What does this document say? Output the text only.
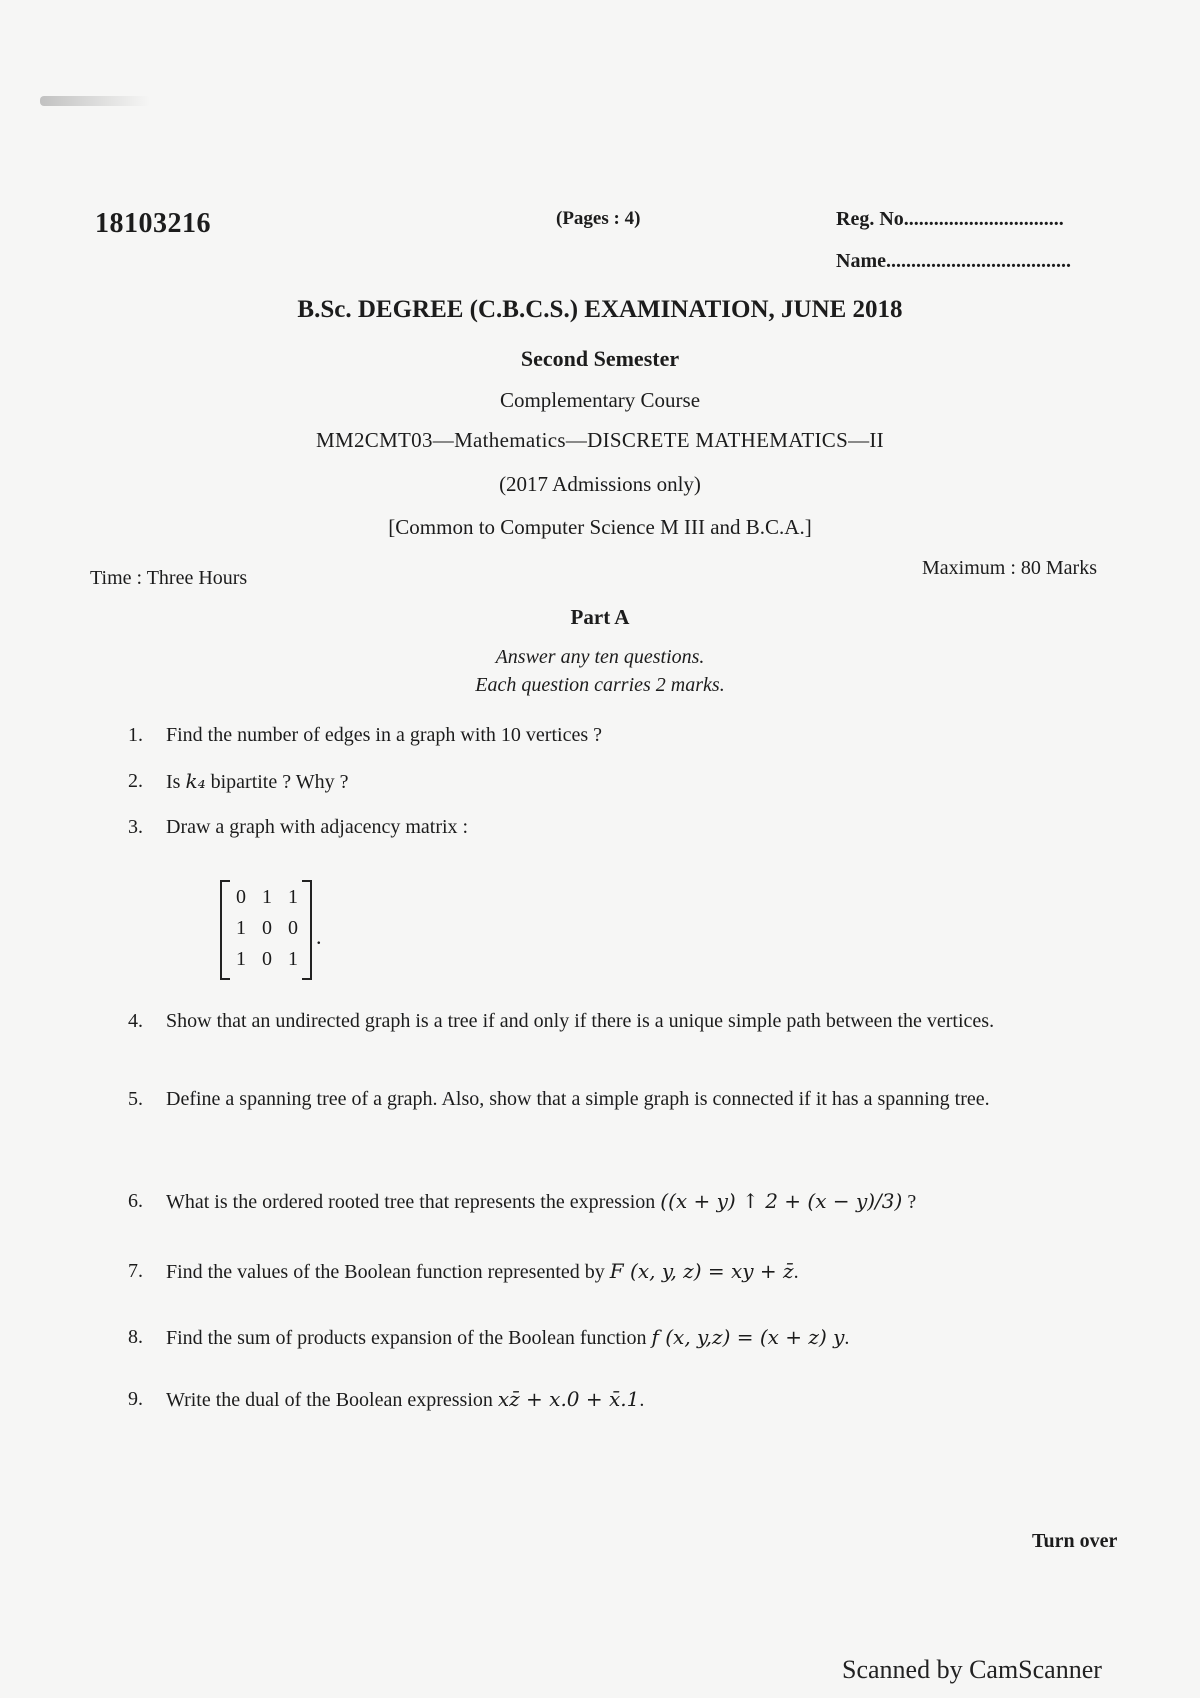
18103216	(Pages : 4)	Reg. No................................
Name.....................................
B.Sc. DEGREE (C.B.C.S.) EXAMINATION, JUNE 2018
Second Semester
Complementary Course
MM2CMT03—Mathematics—DISCRETE MATHEMATICS—II
(2017 Admissions only)
[Common to Computer Science M III and B.C.A.]
Time : Three Hours	Maximum : 80 Marks
Part A
Answer any ten questions.
Each question carries 2 marks.
1.	Find the number of edges in a graph with 10 vertices ?
2.	Is k₄ bipartite ? Why ?
3.	Draw a graph with adjacency matrix :
0	1	1
1	0	0
1	0	1
.
4.	Show that an undirected graph is a tree if and only if there is a unique simple path between the vertices.
5.	Define a spanning tree of a graph. Also, show that a simple graph is connected if it has a spanning tree.
6.	What is the ordered rooted tree that represents the expression ((x + y) ↑ 2 + (x − y)/3) ?
7.	Find the values of the Boolean function represented by F (x, y, z) = xy + z̄.
8.	Find the sum of products expansion of the Boolean function f (x, y,z) = (x + z) y.
9.	Write the dual of the Boolean expression xz̄ + x.0 + x̄.1.
Turn over
Scanned by CamScanner
